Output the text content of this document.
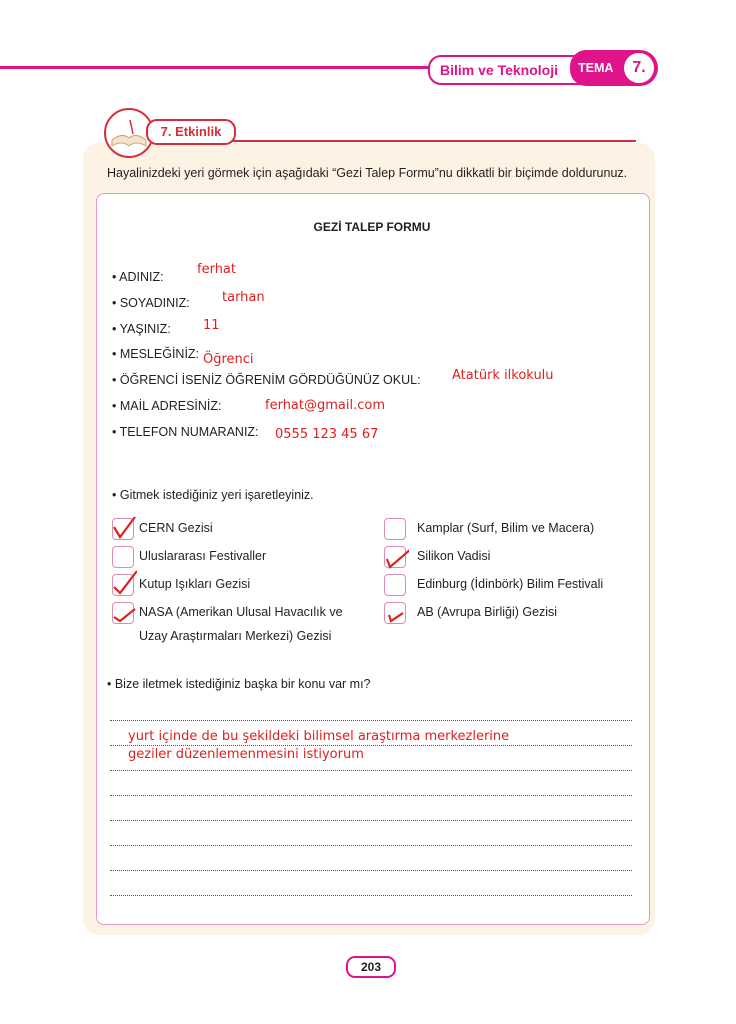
Bilim ve Teknoloji	TEMA	7.
7. Etkinlik
Hayalinizdeki yeri görmek için aşağıdaki “Gezi Talep Formu”nu dikkatli bir biçimde doldurunuz.
GEZİ TALEP FORMU
• ADINIZ:	ferhat
• SOYADINIZ: tarhan
• YAŞINIZ: 11
• MESLEĞİNİZ: Öğrenci
• ÖĞRENCİ İSENİZ ÖĞRENİM GÖRDÜĞÜNÜZ OKUL: Atatürk ilkokulu
• MAİL ADRESİNİZ:	ferhat@gmail.com
• TELEFON NUMARANIZ: 0555 123 45 67
• Gitmek istediğiniz yeri işaretleyiniz.
CERN Gezisi
Uluslararası Festivaller
Kutup Işıkları Gezisi
NASA (Amerikan Ulusal Havacılık ve
Uzay Araştırmaları Merkezi) Gezisi
Kamplar (Surf, Bilim ve Macera)
Silikon Vadisi
Edinburg (İdinbörk) Bilim Festivali
AB (Avrupa Birliği) Gezisi
• Bize iletmek istediğiniz başka bir konu var mı?
yurt içinde de bu şekildeki bilimsel araştırma merkezlerine
geziler düzenlemenmesini istiyorum
203
